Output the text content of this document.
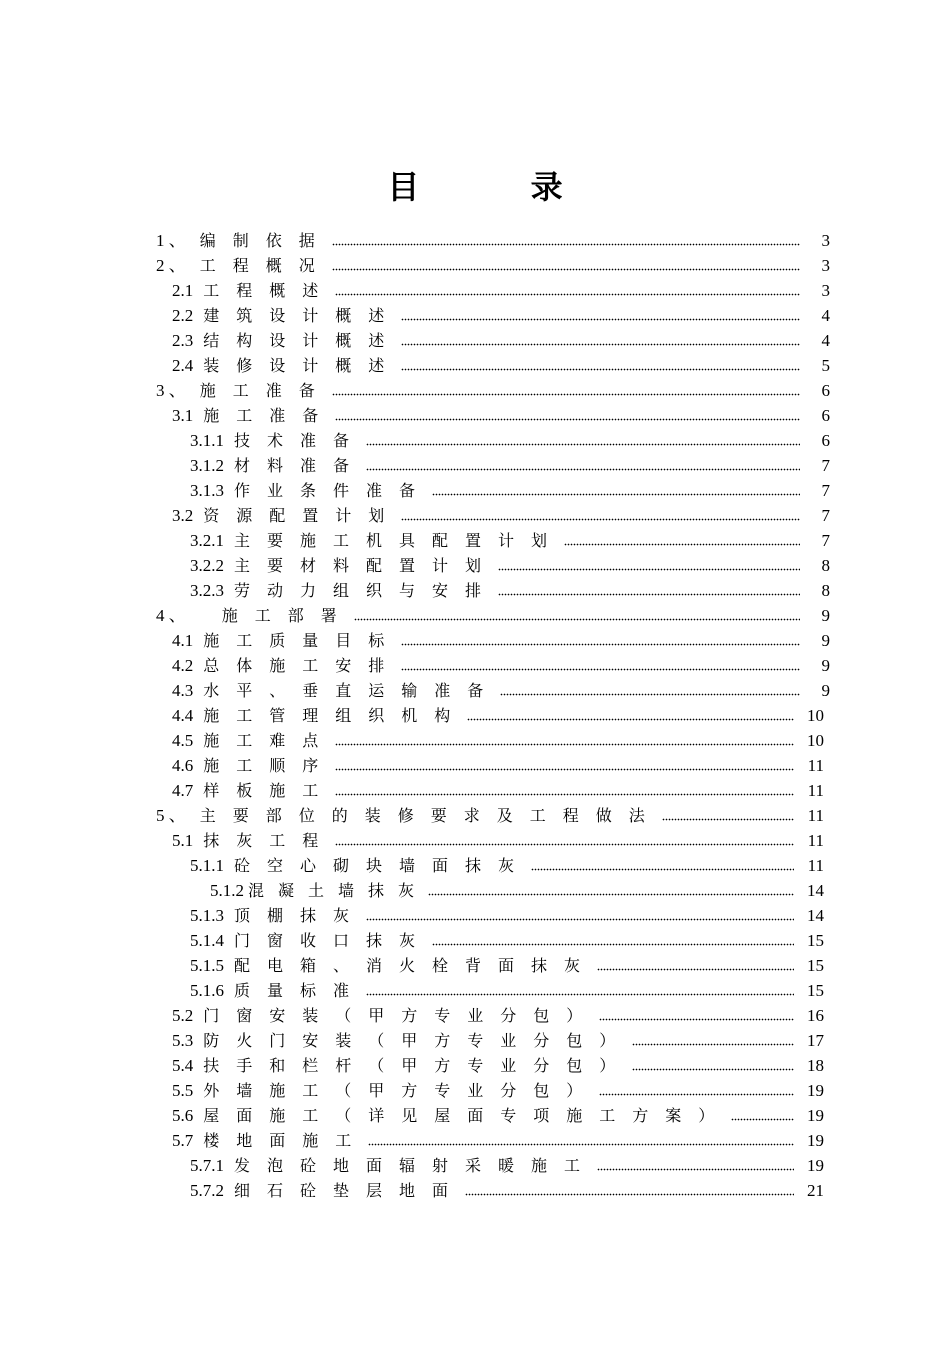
目 录
1 、 编制依据	3
2 、 工程概况	3
2.1 工程概述	3
2.2 建筑设计概述	4
2.3 结构设计概述	4
2.4 装修设计概述	5
3 、 施工准备	6
3.1 施工准备	6
3.1.1 技术准备	6
3.1.2 材料准备	7
3.1.3 作业条件准备	7
3.2 资源配置计划	7
3.2.1 主要施工机具配置计划	7
3.2.2 主要材料配置计划	8
3.2.3 劳动力组织与安排	8
4 、 施工部署	9
4.1 施工质量目标	9
4.2 总体施工安排	9
4.3 水平、垂直运输准备	9
4.4 施工管理组织机构	10
4.5 施工难点	10
4.6 施工顺序	11
4.7 样板施工	11
5 、 主要部位的装修要求及工程做法	11
5.1 抹灰工程	11
5.1.1 砼空心砌块墙面抹灰	11
5.1.2 混凝土墙抹灰	14
5.1.3 顶棚抹灰	14
5.1.4 门窗收口抹灰	15
5.1.5 配电箱、消火栓背面抹灰	15
5.1.6 质量标准	15
5.2 门窗安装（甲方专业分包）	16
5.3 防火门安装（甲方专业分包）	17
5.4 扶手和栏杆（甲方专业分包）	18
5.5 外墙施工（甲方专业分包）	19
5.6 屋面施工（详见屋面专项施工方案）	19
5.7 楼地面施工	19
5.7.1 发泡砼地面辐射采暖施工	19
5.7.2 细石砼垫层地面	21
